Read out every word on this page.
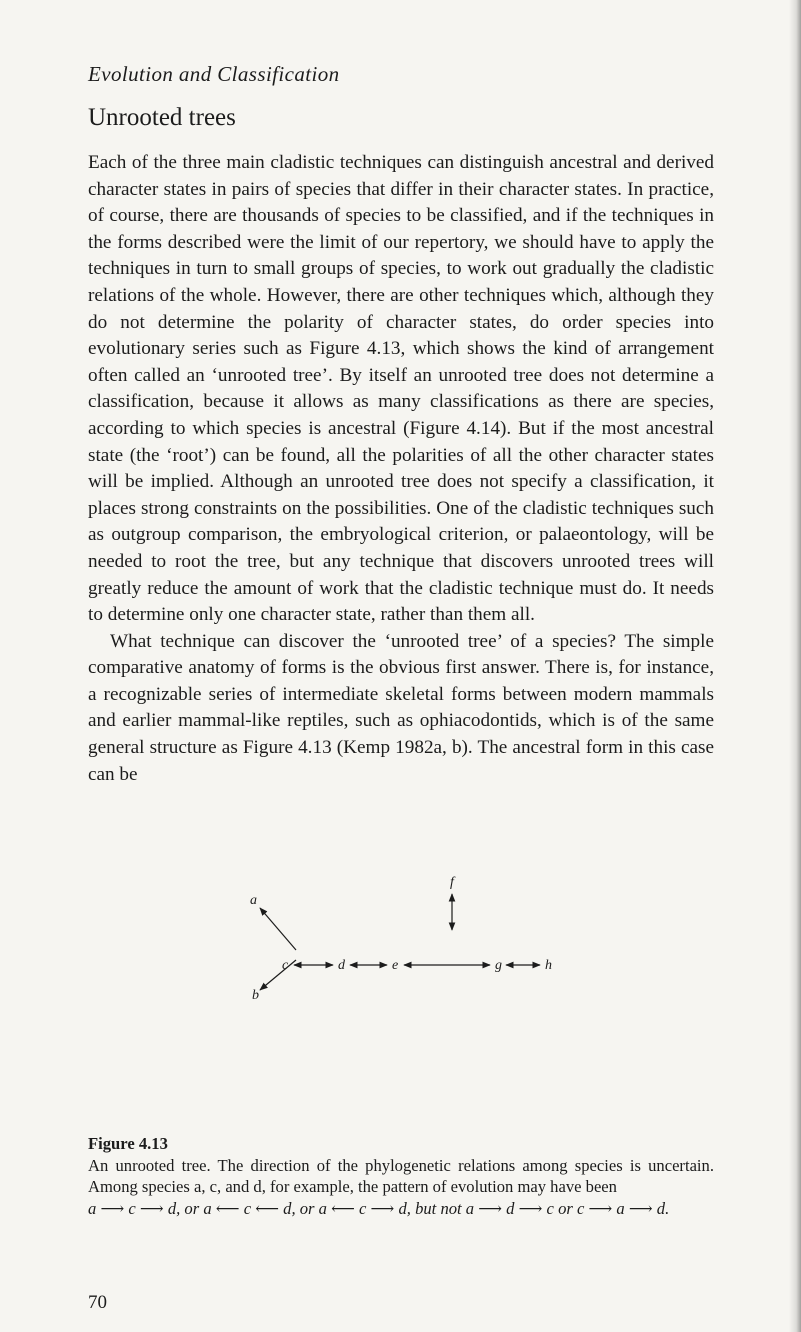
Evolution and Classification
Unrooted trees

Each of the three main cladistic techniques can distinguish ancestral and derived character states in pairs of species that differ in their character states. In practice, of course, there are thousands of species to be classified, and if the techniques in the forms described were the limit of our repertory, we should have to apply the techniques in turn to small groups of species, to work out gradually the cladistic relations of the whole. However, there are other techniques which, although they do not determine the polarity of character states, do order species into evolutionary series such as Figure 4.13, which shows the kind of arrangement often called an ‘unrooted tree’. By itself an unrooted tree does not determine a classification, because it allows as many classifications as there are species, according to which species is ancestral (Figure 4.14). But if the most ancestral state (the ‘root’) can be found, all the polarities of all the other character states will be implied. Although an unrooted tree does not specify a classification, it places strong constraints on the possibilities. One of the cladistic techniques such as outgroup comparison, the embryological criterion, or palaeontology, will be needed to root the tree, but any technique that discovers unrooted trees will greatly reduce the amount of work that the cladistic technique must do. It needs to determine only one character state, rather than them all.

What technique can discover the ‘unrooted tree’ of a species? The simple comparative anatomy of forms is the obvious first answer. There is, for instance, a recognizable series of intermediate skeletal forms between modern mammals and earlier mammal-like reptiles, such as ophiacodontids, which is of the same general structure as Figure 4.13 (Kemp 1982a, b). The ancestral form in this case can be

a
b
c	d	e
f
g	h
Figure 4.13
An unrooted tree. The direction of the phylogenetic relations among species is uncertain. Among species a, c, and d, for example, the pattern of evolution may have been
a ⟶ c ⟶ d, or a ⟵ c ⟵ d, or a ⟵ c ⟶ d, but not a ⟶ d ⟶ c or c ⟶ a ⟶ d.
70
